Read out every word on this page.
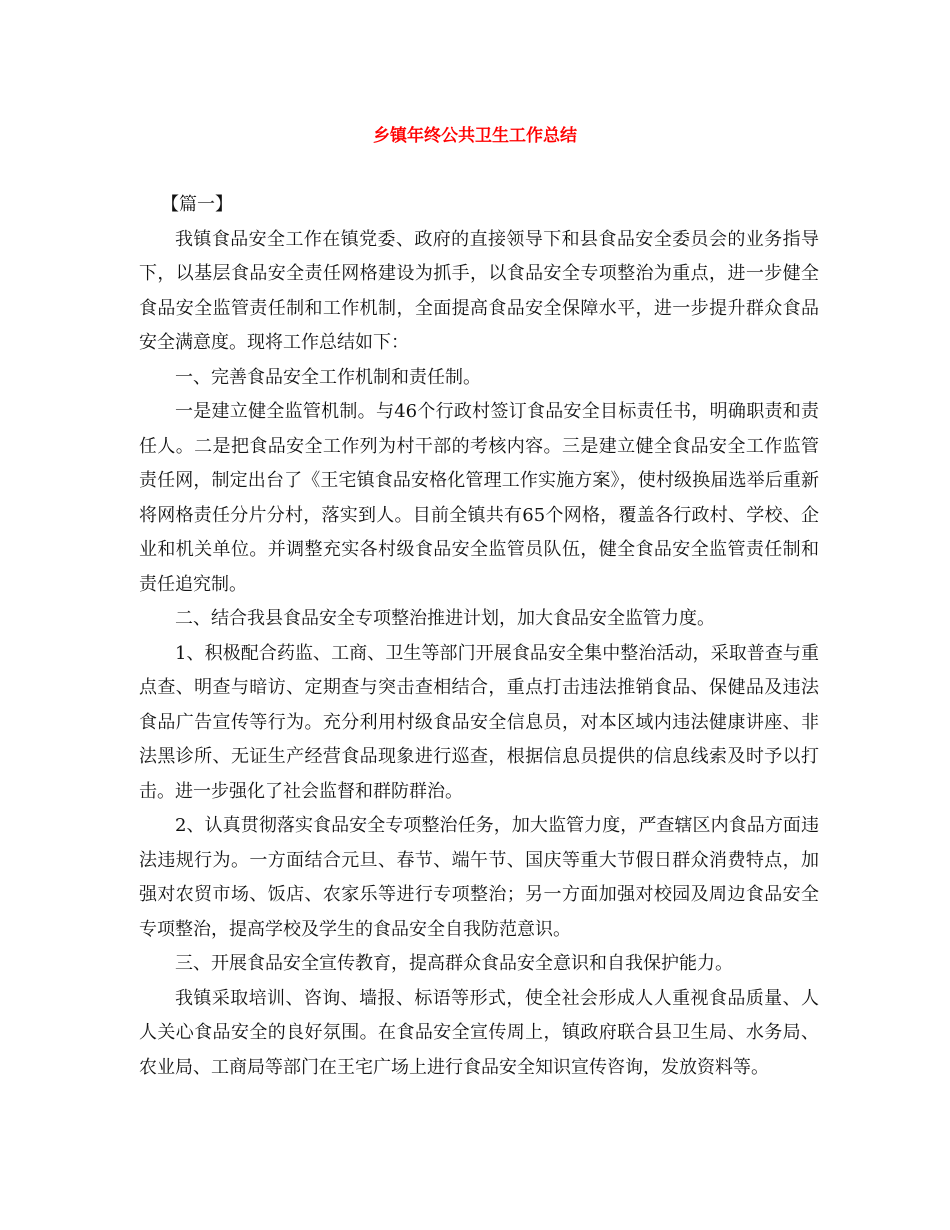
乡镇年终公共卫生工作总结

【篇一】

我镇食品安全工作在镇党委、政府的直接领导下和县食品安全委员会的业务指导下，以基层食品安全责任网格建设为抓手，以食品安全专项整治为重点，进一步健全食品安全监管责任制和工作机制，全面提高食品安全保障水平，进一步提升群众食品安全满意度。现将工作总结如下：

一、完善食品安全工作机制和责任制。

一是建立健全监管机制。与46个行政村签订食品安全目标责任书，明确职责和责任人。二是把食品安全工作列为村干部的考核内容。三是建立健全食品安全工作监管责任网，制定出台了《王宅镇食品安格化管理工作实施方案》，使村级换届选举后重新将网格责任分片分村，落实到人。目前全镇共有65个网格，覆盖各行政村、学校、企业和机关单位。并调整充实各村级食品安全监管员队伍，健全食品安全监管责任制和责任追究制。

二、结合我县食品安全专项整治推进计划，加大食品安全监管力度。

1、积极配合药监、工商、卫生等部门开展食品安全集中整治活动，采取普查与重点查、明查与暗访、定期查与突击查相结合，重点打击违法推销食品、保健品及违法食品广告宣传等行为。充分利用村级食品安全信息员，对本区域内违法健康讲座、非法黑诊所、无证生产经营食品现象进行巡查，根据信息员提供的信息线索及时予以打击。进一步强化了社会监督和群防群治。

2、认真贯彻落实食品安全专项整治任务，加大监管力度，严查辖区内食品方面违法违规行为。一方面结合元旦、春节、端午节、国庆等重大节假日群众消费特点，加强对农贸市场、饭店、农家乐等进行专项整治；另一方面加强对校园及周边食品安全专项整治，提高学校及学生的食品安全自我防范意识。

三、开展食品安全宣传教育，提高群众食品安全意识和自我保护能力。

我镇采取培训、咨询、墙报、标语等形式，使全社会形成人人重视食品质量、人人关心食品安全的良好氛围。在食品安全宣传周上，镇政府联合县卫生局、水务局、农业局、工商局等部门在王宅广场上进行食品安全知识宣传咨询，发放资料等。
